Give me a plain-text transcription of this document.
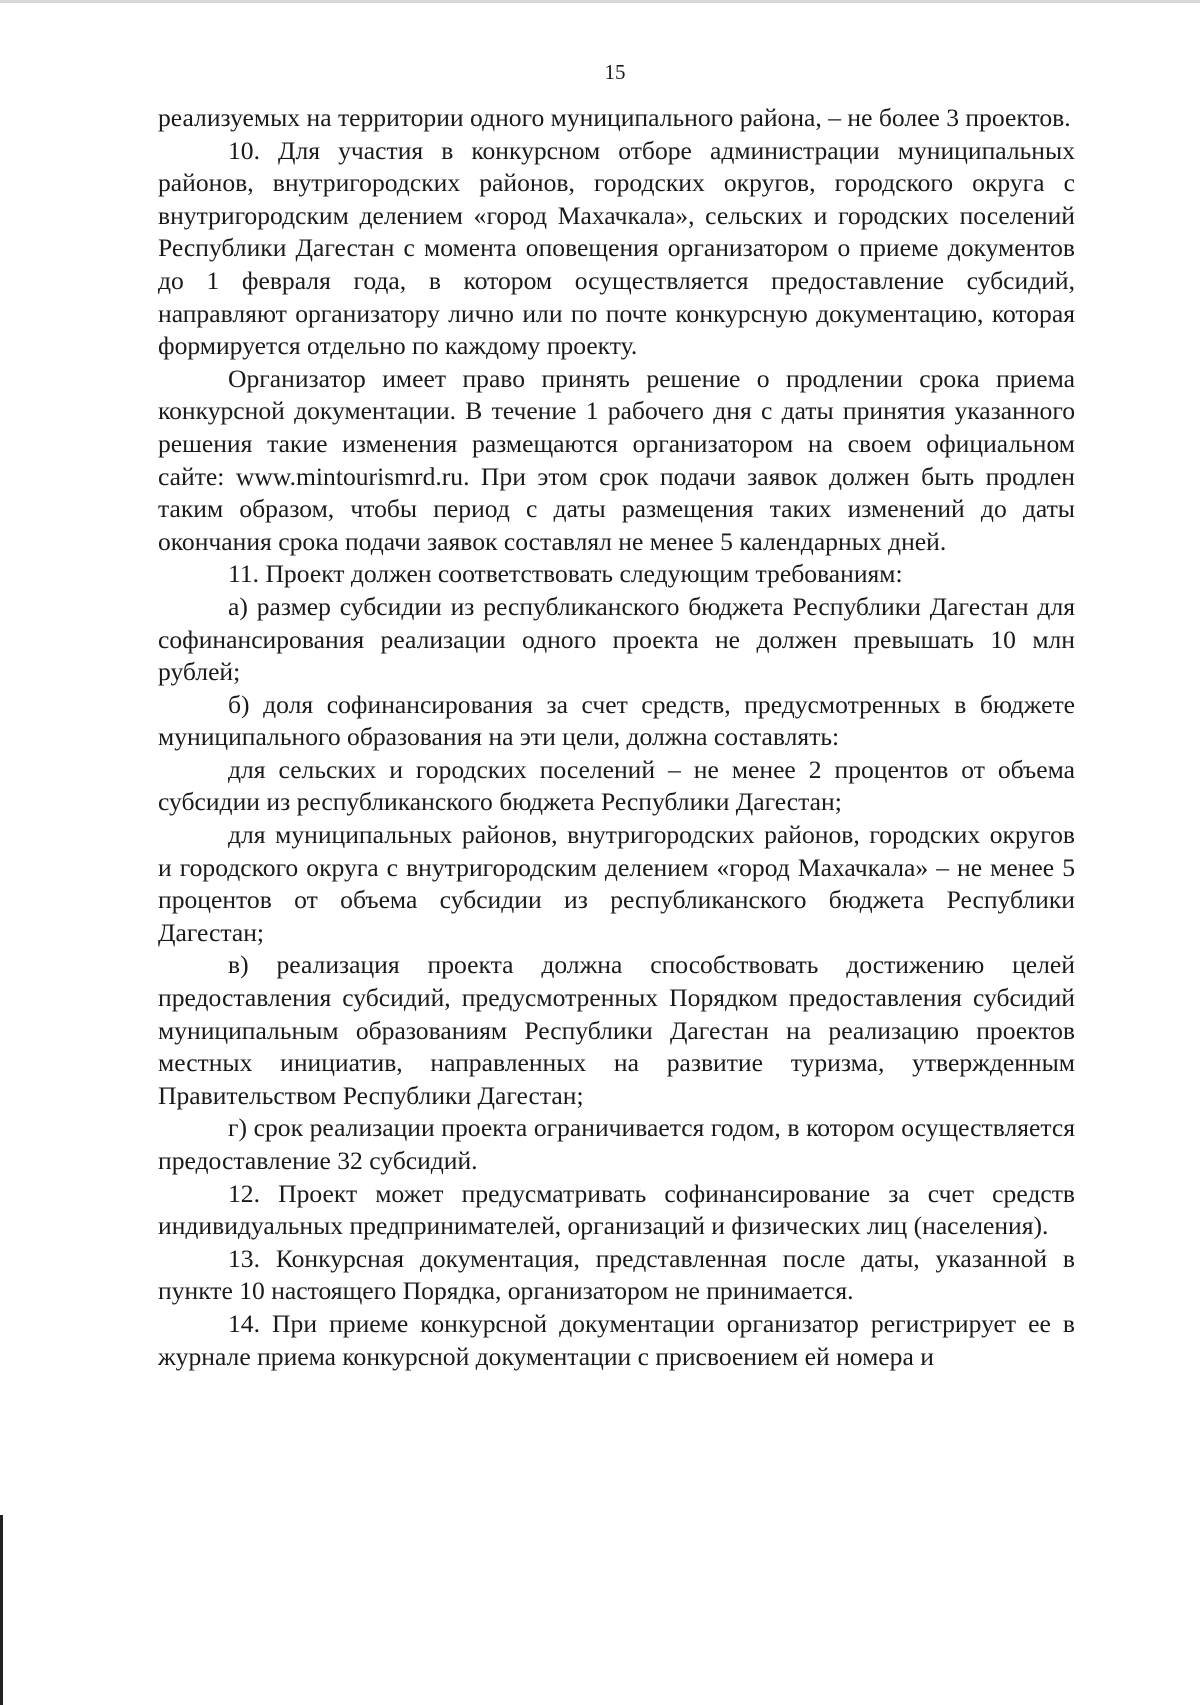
15

реализуемых на территории одного муниципального района, – не более 3 проектов.

10. Для участия в конкурсном отборе администрации муниципальных районов, внутригородских районов, городских округов, городского округа с внутригородским делением «город Махачкала», сельских и городских поселений Республики Дагестан с момента оповещения организатором о приеме документов до 1 февраля года, в котором осуществляется предоставление субсидий, направляют организатору лично или по почте конкурсную документацию, которая формируется отдельно по каждому проекту.

Организатор имеет право принять решение о продлении срока приема конкурсной документации. В течение 1 рабочего дня с даты принятия указанного решения такие изменения размещаются организатором на своем официальном сайте: www.mintourismrd.ru. При этом срок подачи заявок должен быть продлен таким образом, чтобы период с даты размещения таких изменений до даты окончания срока подачи заявок составлял не менее 5 календарных дней.

11. Проект должен соответствовать следующим требованиям:

а) размер субсидии из республиканского бюджета Республики Дагестан для софинансирования реализации одного проекта не должен превышать 10 млн рублей;

б) доля софинансирования за счет средств, предусмотренных в бюджете муниципального образования на эти цели, должна составлять:

для сельских и городских поселений – не менее 2 процентов от объема субсидии из республиканского бюджета Республики Дагестан;

для муниципальных районов, внутригородских районов, городских округов и городского округа с внутригородским делением «город Махачкала» – не менее 5 процентов от объема субсидии из республиканского бюджета Республики Дагестан;

в) реализация проекта должна способствовать достижению целей предоставления субсидий, предусмотренных Порядком предоставления субсидий муниципальным образованиям Республики Дагестан на реализацию проектов местных инициатив, направленных на развитие туризма, утвержденным Правительством Республики Дагестан;

г) срок реализации проекта ограничивается годом, в котором осуществляется предоставление 32 субсидий.

12. Проект может предусматривать софинансирование за счет средств индивидуальных предпринимателей, организаций и физических лиц (населения).

13. Конкурсная документация, представленная после даты, указанной в пункте 10 настоящего Порядка, организатором не принимается.

14. При приеме конкурсной документации организатор регистрирует ее в журнале приема конкурсной документации с присвоением ей номера и
